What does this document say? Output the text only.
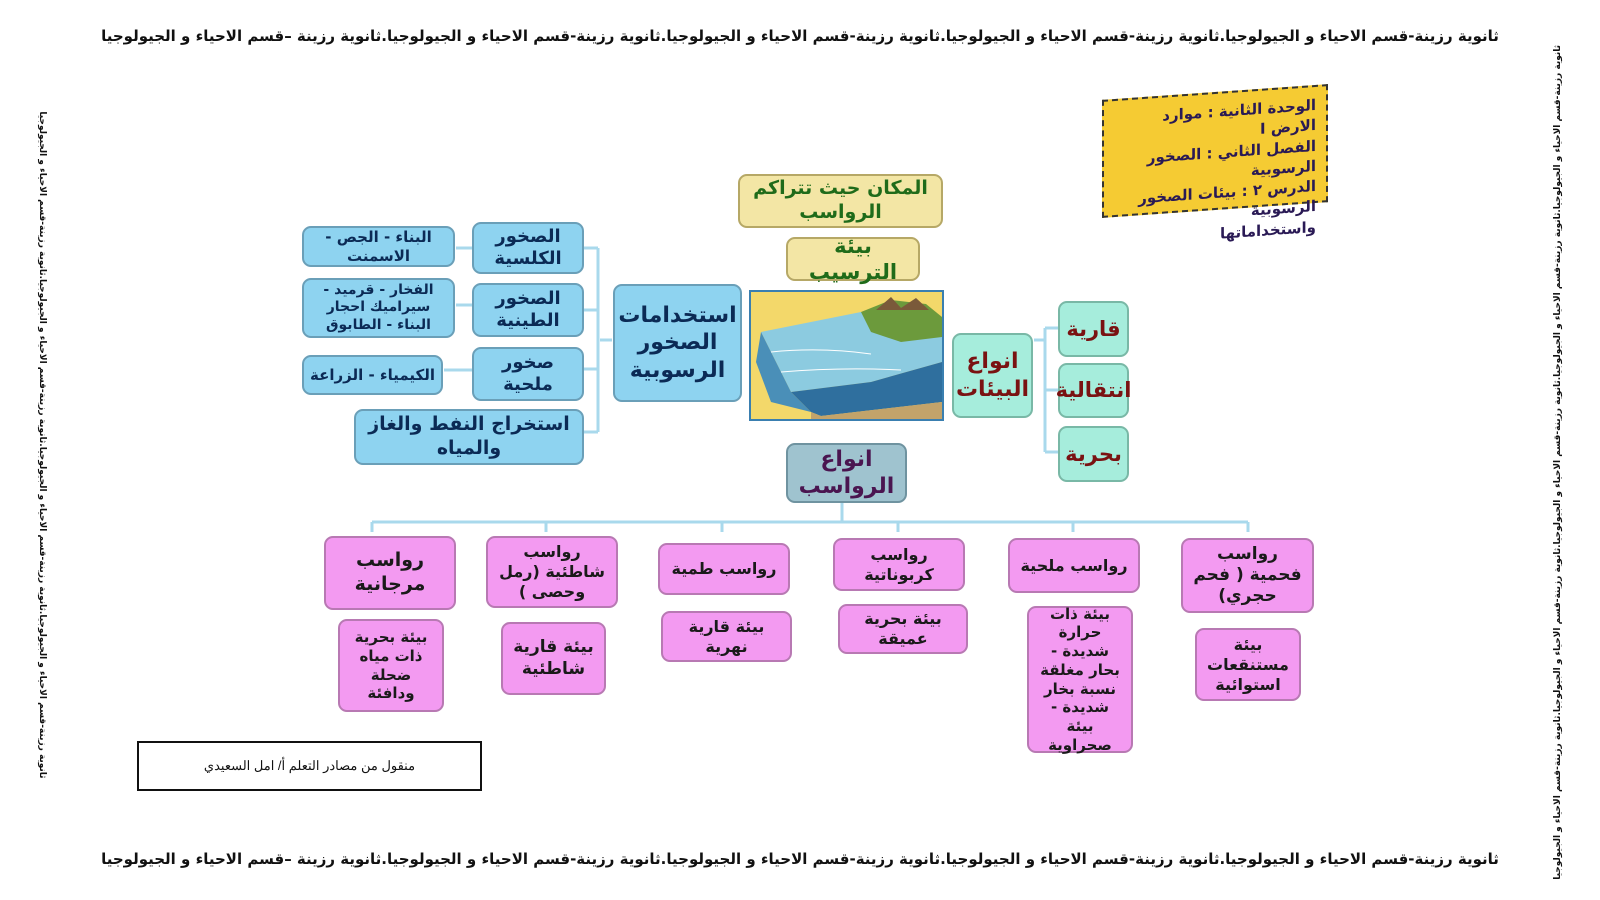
ثانوية رزينة-قسم الاحياء و الجيولوجيا.ثانوية رزينة-قسم الاحياء و الجيولوجيا.ثانوية رزينة-قسم الاحياء و الجيولوجيا.ثانوية رزينة-قسم الاحياء و الجيولوجيا.ثانوية رزينة –قسم الاحياء و الجيولوجيا
ثانوية رزينة-قسم الاحياء و الجيولوجيا.ثانوية رزينة-قسم الاحياء و الجيولوجيا.ثانوية رزينة-قسم الاحياء و الجيولوجيا.ثانوية رزينة-قسم الاحياء و الجيولوجيا.ثانوية رزينة –قسم الاحياء و الجيولوجيا
ثانوية رزينة-قسم الاحياء و الجيولوجيا.ثانوية رزينة-قسم الاحياء و الجيولوجيا.ثانوية رزينة-قسم الاحياء و الجيولوجيا.ثانوية رزينة-قسم الاحياء و الجيولوجيا	ثانوية رزينة-قسم الاحياء و الجيولوجيا.ثانوية رزينة-قسم الاحياء و الجيولوجيا.ثانوية رزينة-قسم الاحياء و الجيولوجيا.ثانوية رزينة-قسم الاحياء و الجيولوجيا.ثانوية رزينة-قسم الاحياء و الجيولوجيا
الوحدة الثانية : موارد الارض I
الفصل الثاني : الصخور الرسوبية
الدرس ٢ : بيئات الصخور الرسوبية
واستخداماتها
المكان حيث تتراكم الرواسب
بيئة الترسيب
استخدامات الصخور الرسوبية
الصخور الكلسية
البناء - الجص - الاسمنت
الصخور الطينية
الفخار - قرميد - سيراميك احجار البناء - الطابوق
صخور ملحية
الكيمياء - الزراعة
استخراج النفط والغاز والمياه
انواع البيئات
قارية
انتقالية
بحرية
انواع الرواسب
رواسب فحمية ( فحم حجري)
بيئة مستنقعات استوائية
رواسب ملحية
بيئة ذات حرارة شديدة - بحار مغلقة نسبة بخار شديدة - بيئة صحراوية
رواسب كربوناتية
بيئة بحرية عميقة
رواسب طمية
بيئة قارية نهرية
رواسب شاطئية (رمل وحصى )
بيئة قارية شاطئية
رواسب مرجانية
بيئة بحرية ذات مياه ضحلة ودافئة
منقول من مصادر التعلم أ/ امل السعيدي
